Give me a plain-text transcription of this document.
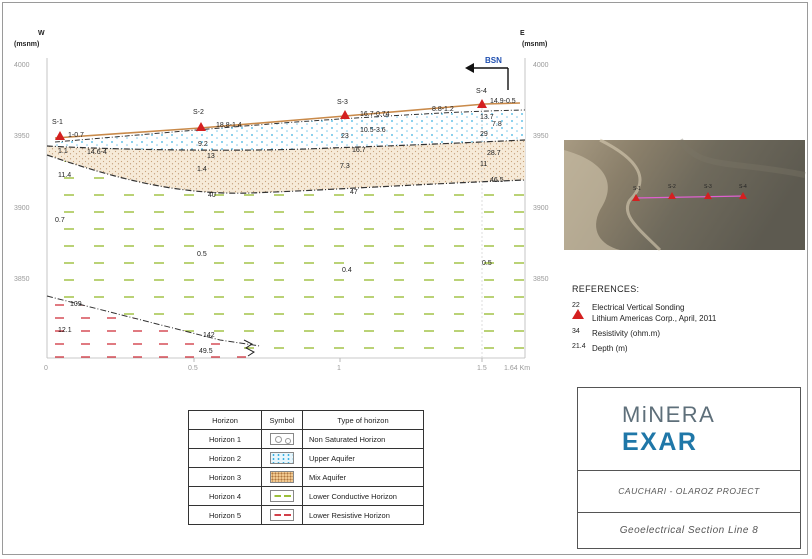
W
(msnm)
E
(msnm)
4000
3950
3900
3850
4000
3950
3900
3850
0	0.5	1	1.5 1.64 Km
S-1
S-2
S-3
S-4
BSN
1-0.7
18.8-1.4
16.7-0.74
8.8-1.2
14.9-0.5
14.6-4
10.5-3.6
23
13.7
7.8
29
9.2
13
16.7	28.7
1.1
11.4
1.4	7.3	11
46.5
40	47
0.7
0.5
0.4
0.5
109
12.1
142
49.5
S-1	S-2	S-3	S-4
REFERENCES:
22	Electrical Vertical Sonding
Lithium Americas Corp., April, 2011
34	Resistivity (ohm.m)
21.4 Depth (m)
Horizon	Symbol	Type of horizon
Horizon 1		Non Saturated Horizon
Horizon 2		Upper Aquifer
Horizon 3		Mix Aquifer
Horizon 4		Lower Conductive Horizon
Horizon 5		Lower Resistive Horizon
MiNERA
EXAR
CAUCHARI - OLAROZ PROJECT
Geoelectrical Section Line 8
